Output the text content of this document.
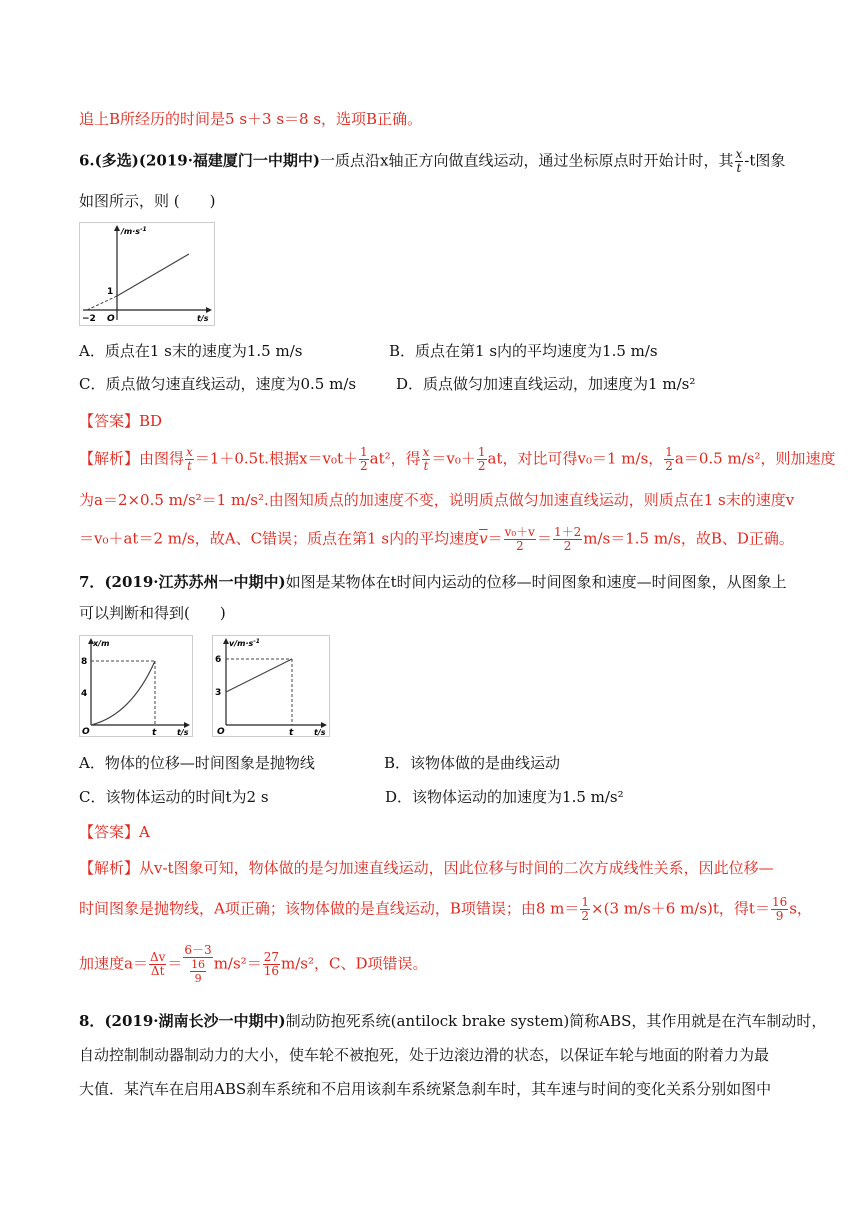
追上B所经历的时间是5 s＋3 s＝8 s，选项B正确。
6.(多选)(2019·福建厦门一中期中)一质点沿x轴正方向做直线运动，通过坐标原点时开始计时，其 $\frac{x}{t} -t$图象
如图所示，则 (　　)
$/m\cdot s^{-1}$
1
−2 O	t/s
A．质点在1 s末的速度为1.5 m/s	B．质点在第1 s内的平均速度为1.5 m/s
C．质点做匀速直线运动，速度为0.5 m/s	D．质点做匀加速直线运动，加速度为1 m/s²
【答案】BD
【解析】由图得 $\frac{x}{t} =1+0.5t$.根据$x=v_0t+ \frac{1}{2} at^2$，得 $\frac{x}{t} =v_0+ \frac{1}{2}$ at，对比可得v₀＝1 m/s， $\frac{1}{2} a=0.5$ m/s²，则加速度
为a＝2×0.5 m/s²＝1 m/s².由图知质点的加速度不变，说明质点做匀加速直线运动，则质点在1 s末的速度v
＝v₀＋at＝2 m/s，故A、C错误；质点在第1 s内的平均速度$\overline{v}= \frac{\text{v₀＋v}}{2} = \frac{1+2}{2} m/s=1.5$ m/s，故B、D正确。
7．(2019·江苏苏州一中期中)如图是某物体在t时间内运动的位移—时间图象和速度—时间图象，从图象上
可以判断和得到(　　)
x/m
8
4
O	t	t/s
$v/m\cdot s^{-1}$
6
3
O	t	t/s
A．物体的位移—时间图象是抛物线	B．该物体做的是曲线运动
C．该物体运动的时间t为2 s	D．该物体运动的加速度为1.5 m/s²
【答案】A
【解析】从v-t图象可知，物体做的是匀加速直线运动，因此位移与时间的二次方成线性关系，因此位移—
时间图象是抛物线，A项正确；该物体做的是直线运动，B项错误；由8 $m= \frac{1}{2} \times(3$ m/s＋6 m/s)t，得$t= \frac{16}{9}$ s，
加速度$a= \frac{\Delta v}{\Delta t} = 6-3$
16
9 $m/s^2= \frac{27}{16} m/s^2$，C、D项错误。
8．(2019·湖南长沙一中期中)制动防抱死系统(antilock brake system)简称ABS，其作用就是在汽车制动时，
自动控制制动器制动力的大小，使车轮不被抱死，处于边滚边滑的状态，以保证车轮与地面的附着力为最
大值．某汽车在启用ABS刹车系统和不启用该刹车系统紧急刹车时，其车速与时间的变化关系分别如图中
